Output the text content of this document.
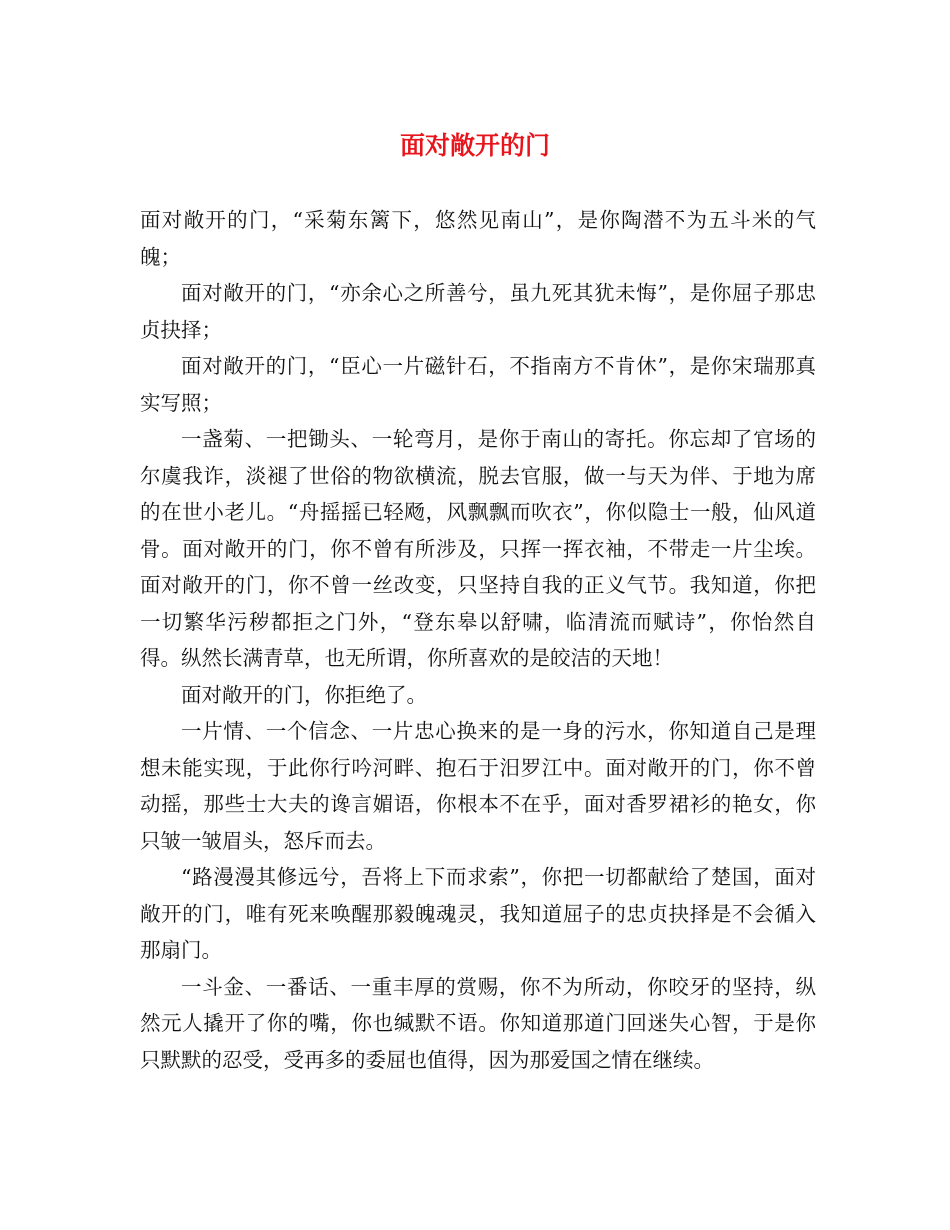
面对敞开的门

面对敞开的门，“采菊东篱下，悠然见南山”，是你陶潜不为五斗米的气魄；

面对敞开的门，“亦余心之所善兮，虽九死其犹未悔”，是你屈子那忠贞抉择；

面对敞开的门，“臣心一片磁针石，不指南方不肯休”，是你宋瑞那真实写照；

一盏菊、一把锄头、一轮弯月，是你于南山的寄托。你忘却了官场的尔虞我诈，淡褪了世俗的物欲横流，脱去官服，做一与天为伴、于地为席的在世小老儿。“舟摇摇已轻飏，风飘飘而吹衣”，你似隐士一般，仙风道骨。面对敞开的门，你不曾有所涉及，只挥一挥衣袖，不带走一片尘埃。面对敞开的门，你不曾一丝改变，只坚持自我的正义气节。我知道，你把一切繁华污秽都拒之门外，“登东皋以舒啸，临清流而赋诗”，你怡然自得。纵然长满青草，也无所谓，你所喜欢的是皎洁的天地！

面对敞开的门，你拒绝了。

一片情、一个信念、一片忠心换来的是一身的污水，你知道自己是理想未能实现，于此你行吟河畔、抱石于汨罗江中。面对敞开的门，你不曾动摇，那些士大夫的谗言媚语，你根本不在乎，面对香罗裙衫的艳女，你只皱一皱眉头，怒斥而去。

“路漫漫其修远兮，吾将上下而求索”，你把一切都献给了楚国，面对敞开的门，唯有死来唤醒那毅魄魂灵，我知道屈子的忠贞抉择是不会循入那扇门。

一斗金、一番话、一重丰厚的赏赐，你不为所动，你咬牙的坚持，纵然元人撬开了你的嘴，你也缄默不语。你知道那道门回迷失心智，于是你只默默的忍受，受再多的委屈也值得，因为那爱国之情在继续。
